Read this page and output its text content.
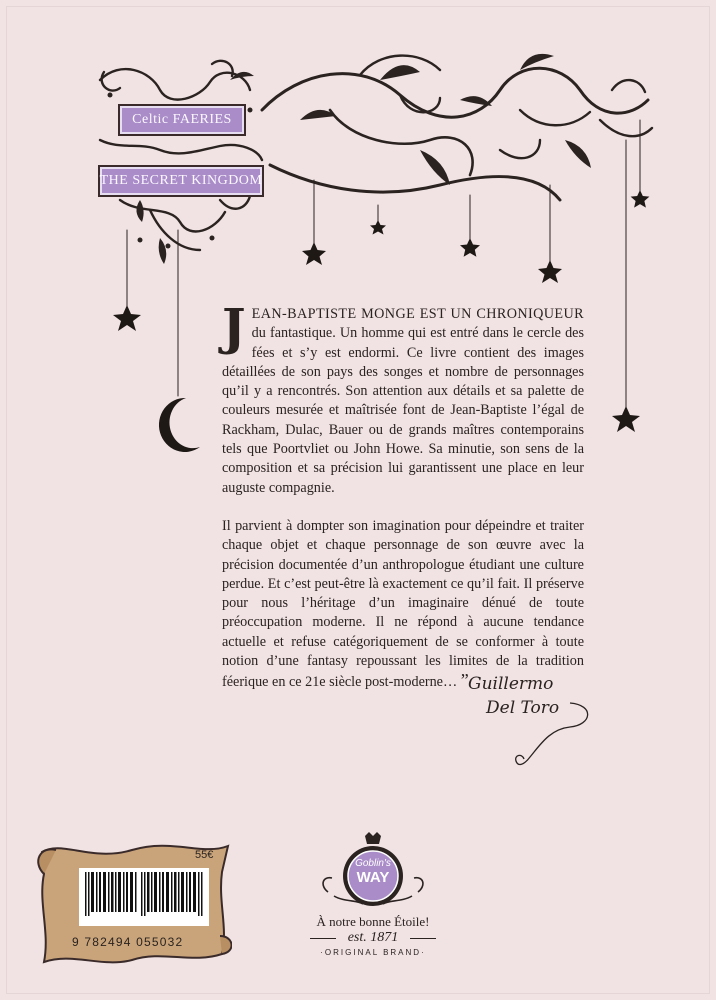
Celtic FAERIES
THE SECRET KINGDOM

J EAN-BAPTISTE MONGE EST UN CHRONIQUEUR du fantastique. Un homme qui est entré dans le cercle des fées et s’y est endormi. Ce livre contient des images détaillées de son pays des songes et nombre de personnages qu’il y a rencontrés. Son attention aux détails et sa palette de couleurs mesurée et maîtrisée font de Jean-Baptiste l’égal de Rackham, Dulac, Bauer ou de grands maîtres contemporains tels que Poortvliet ou John Howe. Sa minutie, son sens de la composition et sa précision lui garantissent une place en leur auguste compagnie.

Il parvient à dompter son imagination pour dépeindre et traiter chaque objet et chaque personnage de son œuvre avec la précision documentée d’un anthropologue étudiant une culture perdue. Et c’est peut-être là exactement ce qu’il fait. Il préserve pour nous l’héritage d’un imaginaire dénué de toute préoccupation moderne. Il ne répond à aucune tendance actuelle et refuse catégoriquement de se conformer à toute notion d’une fantasy repoussant les limites de la tradition féerique en ce 21e siècle post-moderne… ” Guillermo
Del Toro
55€
9 782494 055032
Goblin's
WAY
À notre bonne Étoile!
est. 1871
·ORIGINAL BRAND·
